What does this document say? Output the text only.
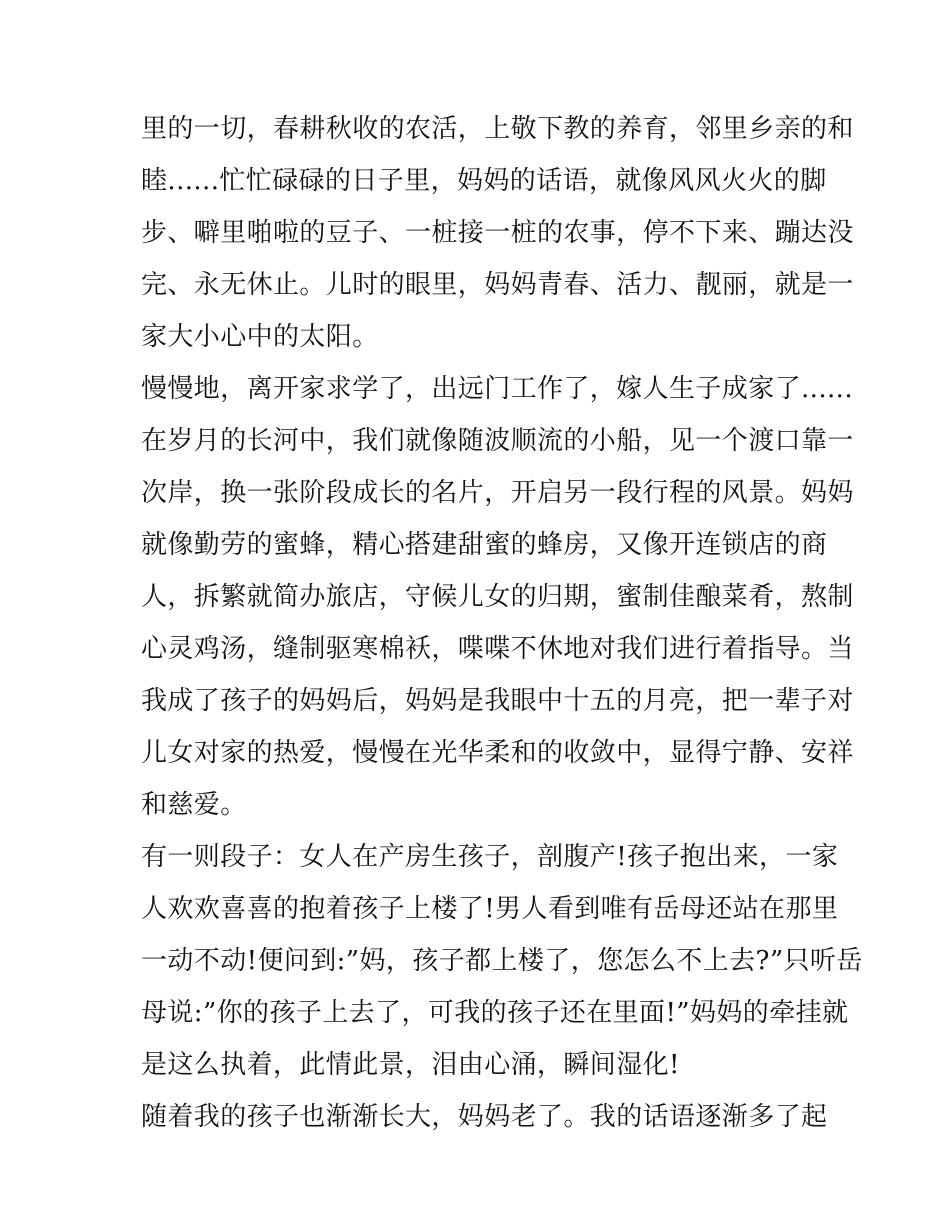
里的一切，春耕秋收的农活，上敬下教的养育，邻里乡亲的和
睦......忙忙碌碌的日子里，妈妈的话语，就像风风火火的脚
步、噼里啪啦的豆子、一桩接一桩的农事，停不下来、蹦达没
完、永无休止。儿时的眼里，妈妈青春、活力、靓丽，就是一
家大小心中的太阳。
慢慢地，离开家求学了，出远门工作了，嫁人生子成家了......
在岁月的长河中，我们就像随波顺流的小船，见一个渡口靠一
次岸，换一张阶段成长的名片，开启另一段行程的风景。妈妈
就像勤劳的蜜蜂，精心搭建甜蜜的蜂房，又像开连锁店的商
人，拆繁就简办旅店，守候儿女的归期，蜜制佳酿菜肴，熬制
心灵鸡汤，缝制驱寒棉袄，喋喋不休地对我们进行着指导。当
我成了孩子的妈妈后，妈妈是我眼中十五的月亮，把一辈子对
儿女对家的热爱，慢慢在光华柔和的收敛中，显得宁静、安祥
和慈爱。
有一则段子：女人在产房生孩子，剖腹产!孩子抱出来，一家
人欢欢喜喜的抱着孩子上楼了!男人看到唯有岳母还站在那里
一动不动!便问到:”妈，孩子都上楼了，您怎么不上去?”只听岳
母说:”你的孩子上去了，可我的孩子还在里面!”妈妈的牵挂就
是这么执着，此情此景，泪由心涌，瞬间湿化!
随着我的孩子也渐渐长大，妈妈老了。我的话语逐渐多了起
